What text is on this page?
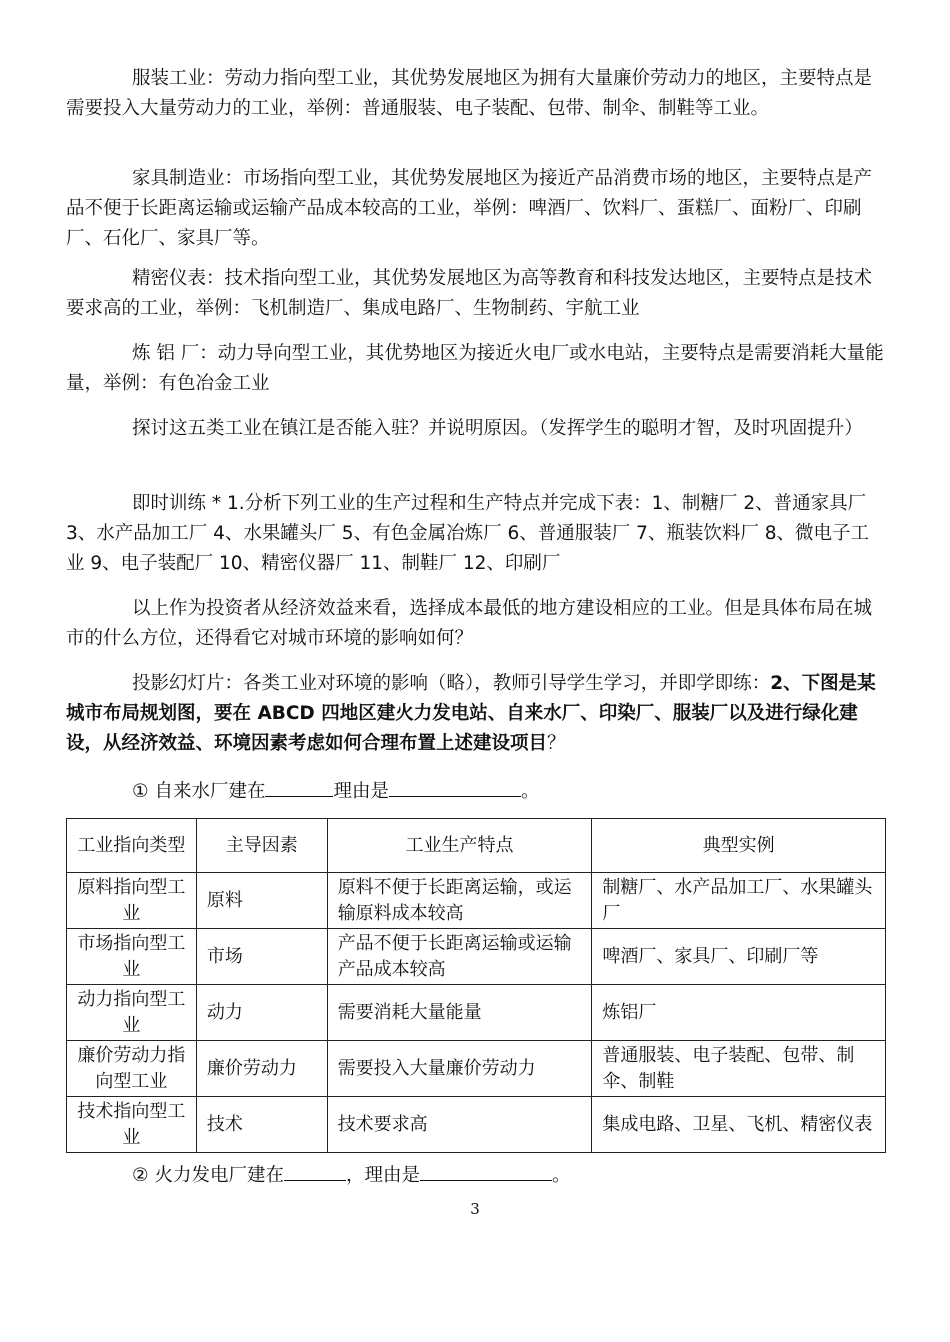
服装工业：劳动力指向型工业，其优势发展地区为拥有大量廉价劳动力的地区，主要特点是需要投入大量劳动力的工业，举例：普通服装、电子装配、包带、制伞、制鞋等工业。

家具制造业：市场指向型工业，其优势发展地区为接近产品消费市场的地区，主要特点是产品不便于长距离运输或运输产品成本较高的工业，举例：啤酒厂、饮料厂、蛋糕厂、面粉厂、印刷厂、石化厂、家具厂等。

精密仪表：技术指向型工业，其优势发展地区为高等教育和科技发达地区，主要特点是技术要求高的工业，举例：飞机制造厂、集成电路厂、生物制药、宇航工业

炼 铝 厂：动力导向型工业，其优势地区为接近火电厂或水电站，主要特点是需要消耗大量能量，举例：有色冶金工业

探讨这五类工业在镇江是否能入驻？并说明原因。（发挥学生的聪明才智，及时巩固提升）

即时训练 * 1.分析下列工业的生产过程和生产特点并完成下表：1、制糖厂 2、普通家具厂 3、水产品加工厂 4、水果罐头厂 5、有色金属冶炼厂 6、普通服装厂 7、瓶装饮料厂 8、微电子工业 9、电子装配厂 10、精密仪器厂 11、制鞋厂 12、印刷厂

以上作为投资者从经济效益来看，选择成本最低的地方建设相应的工业。但是具体布局在城市的什么方位，还得看它对城市环境的影响如何？

投影幻灯片：各类工业对环境的影响（略），教师引导学生学习，并即学即练：2、下图是某城市布局规划图，要在 ABCD 四地区建火力发电站、自来水厂、印染厂、服装厂以及进行绿化建设，从经济效益、环境因素考虑如何合理布置上述建设项目？

① 自来水厂建在	理由是	。

工业指向类型	主导因素	工业生产特点	典型实例
原料指向型工业	原料	原料不便于长距离运输，或运输原料成本较高	制糖厂、水产品加工厂、水果罐头厂
市场指向型工业	市场	产品不便于长距离运输或运输产品成本较高	啤酒厂、家具厂、印刷厂等
动力指向型工业	动力	需要消耗大量能量	炼铝厂
廉价劳动力指向型工业	廉价劳动力	需要投入大量廉价劳动力	普通服装、电子装配、包带、制伞、制鞋
技术指向型工业	技术	技术要求高	集成电路、卫星、飞机、精密仪表

② 火力发电厂建在	，理由是	。

3
